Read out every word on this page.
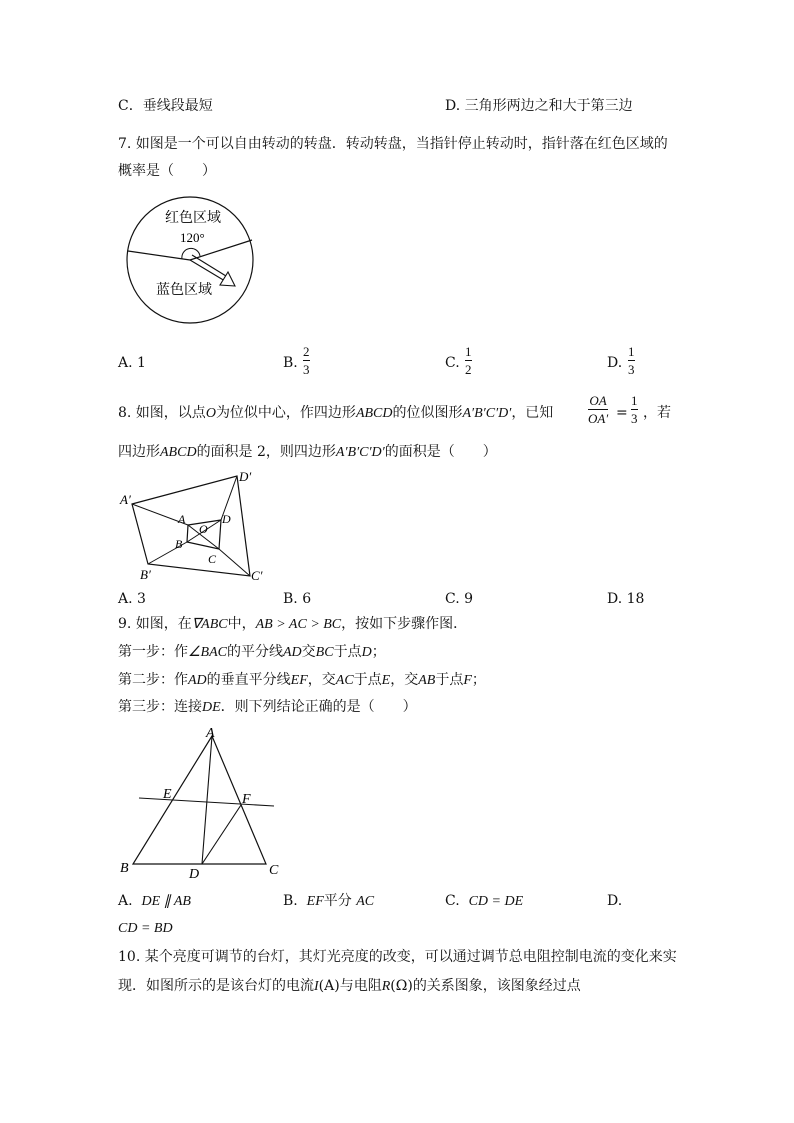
C．垂线段最短	D. 三角形两边之和大于第三边
7. 如图是一个可以自由转动的转盘．转动转盘，当指针停止转动时，指针落在红色区域的
概率是（　　）
红色区域
120°
蓝色区域
A. 1	B.
2
3	C.
1
2	D.
1
3
8. 如图，以点O为位似中心，作四边形ABCD的位似图形A′B′C′D′，已知
OA
OA′ =
1
3 ，若
四边形ABCD的面积是 2，则四边形A′B′C′D′的面积是（　　）
A′
D′
C′
B′
A	D
C
B
O
A. 3	B. 6	C. 9	D. 18
9. 如图，在∇ABC中，AB > AC > BC，按如下步骤作图．
第一步：作∠BAC的平分线AD交BC于点D；
第二步：作AD的垂直平分线EF，交AC于点E，交AB于点F；
第三步：连接DE．则下列结论正确的是（　　）
A
B	C
D
E	F
A. DE ∥ AB	B. EF平分 AC	C. CD = DE	D.
CD = BD
10. 某个亮度可调节的台灯，其灯光亮度的改变，可以通过调节总电阻控制电流的变化来实
现．如图所示的是该台灯的电流I(A)与电阻R(Ω)的关系图象，该图象经过点
